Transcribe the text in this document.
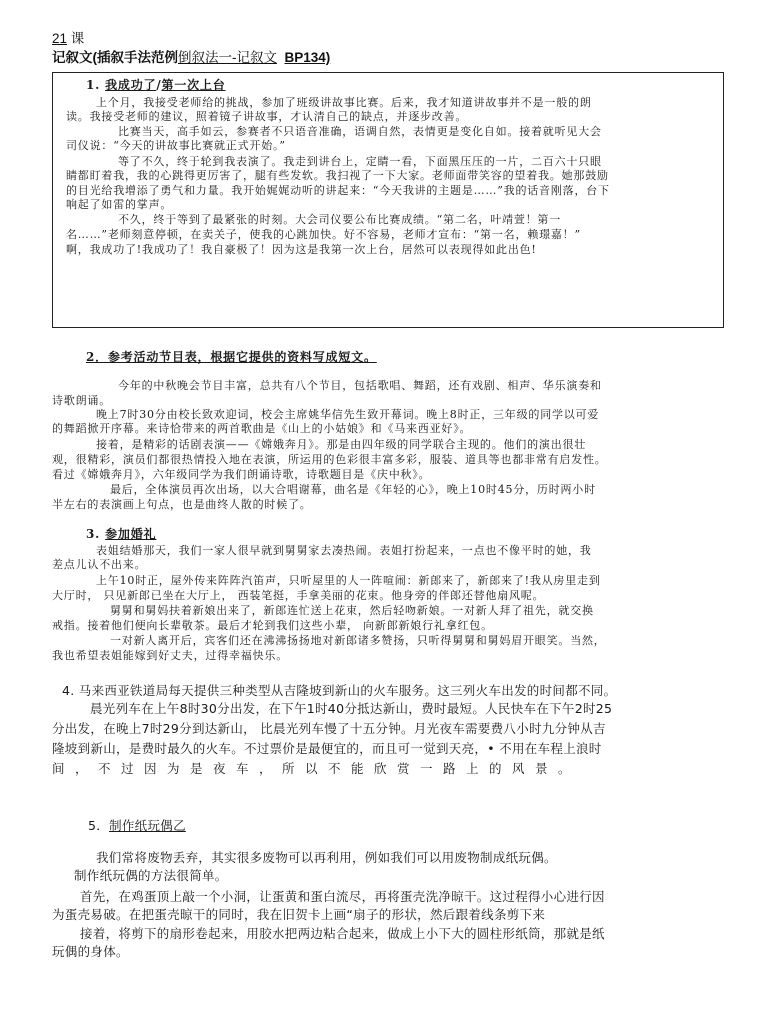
21 课
记叙文(插叙手法范例倒叙法一-记叙文 BP134)
1. 我成功了/第一次上台
上个月，我接受老师给的挑战，参加了班级讲故事比赛。后来，我才知道讲故事并不是一般的朗
读。我接受老师的建议，照着镜子讲故事，才认清自己的缺点，并逐步改善。
比赛当天，高手如云，参赛者不只语音准确，语调自然，表情更是变化自如。接着就听见大会
司仪说：“今天的讲故事比赛就正式开始。”
等了不久，终于轮到我表演了。我走到讲台上，定睛一看，下面黑压压的一片，二百六十只眼
睛都盯着我，我的心跳得更厉害了，腿有些发软。我扫视了一下大家。老师面带笑容的望着我。她那鼓励
的目光给我增添了勇气和力量。我开始娓娓动听的讲起来：“今天我讲的主题是……”我的话音刚落，台下
响起了如雷的掌声。
不久，终于等到了最紧张的时刻。大会司仪要公布比赛成绩。“第二名，叶靖萱！第一
名……”老师刻意停顿，在卖关子，使我的心跳加快。好不容易，老师才宣布：“第一名，赖璟嘉！”
啊，我成功了!我成功了！我自豪极了！因为这是我第一次上台，居然可以表现得如此出色!
2．参考活动节目表，根据它提供的资料写成短文。
今年的中秋晚会节目丰富，总共有八个节目，包括歌唱、舞蹈，还有戏剧、相声、华乐演奏和
诗歌朗诵。
晚上7时30分由校长致欢迎词，校会主席姚华信先生致开幕词。晚上8时正，三年级的同学以可爱
的舞蹈掀开序幕。来诗恰带来的两首歌曲是《山上的小姑娘》和《马来西亚好》。
接着，是精彩的话剧表演——《嫦娥奔月》。那是由四年级的同学联合主现的。他们的演出很壮
观，很精彩，演员们都很热情投入地在表演，所运用的色彩很丰富多彩，服装、道具等也都非常有启发性。
看过《嫦娥奔月》，六年级同学为我们朗诵诗歌，诗歌题目是《庆中秋》。
最后，全体演员再次出场，以大合唱谢幕，曲名是《年轻的心》，晚上10时45分，历时两小时
半左右的表演画上句点，也是曲终人散的时候了。
3. 参加婚礼
表姐结婚那天，我们一家人很早就到舅舅家去凑热闹。表姐打扮起来，一点也不像平时的她，我
差点儿认不出来。
上午10时正，屋外传来阵阵汽笛声，只听屋里的人一阵喧闹：新郎来了，新郎来了!我从房里走到
大厅时， 只见新郎已坐在大厅上， 西装笔挺，手拿美丽的花束。他身旁的伴郎还替他扇风呢。
舅舅和舅妈扶着新娘出来了，新郎连忙送上花束，然后轻吻新娘。一对新人拜了祖先，就交换
戒指。接着他们便向长辈敬茶。最后才轮到我们这些小辈， 向新郎新娘行礼拿红包。
一对新人离开后，宾客们还在沸沸扬扬地对新郎诸多赞扬，只听得舅舅和舅妈眉开眼笑。当然，
我也希望表姐能嫁到好丈夫，过得幸福快乐。
4. 马来西亚铁道局每天提供三种类型从吉隆坡到新山的火车服务。这三列火车出发的时间都不同。
晨光列车在上午8时30分出发，在下午1时40分抵达新山，费时最短。人民快车在下午2时25
分出发，在晚上7时29分到达新山， 比晨光列车慢了十五分钟。月光夜车需要费八小时九分钟从吉
隆坡到新山，是费时最久的火车。不过票价是最便宜的，而且可一觉到天亮，• 不用在车程上浪时
间，不过因为是夜车，所以不能欣赏一路上的风景。
5．制作纸玩偶乙
我们常将废物丢弃，其实很多废物可以再利用，例如我们可以用废物制成纸玩偶。
制作纸玩偶的方法很简单。
首先，在鸡蛋顶上敲一个小洞，让蛋黄和蛋白流尽，再将蛋壳洗净晾干。这过程得小心进行因
为蛋壳易破。在把蛋壳晾干的同时，我在旧贺卡上画“扇子的形状，然后跟着线条剪下来
接着，将剪下的扇形卷起来，用胶水把两边粘合起来，做成上小下大的圆柱形纸筒，那就是纸
玩偶的身体。
